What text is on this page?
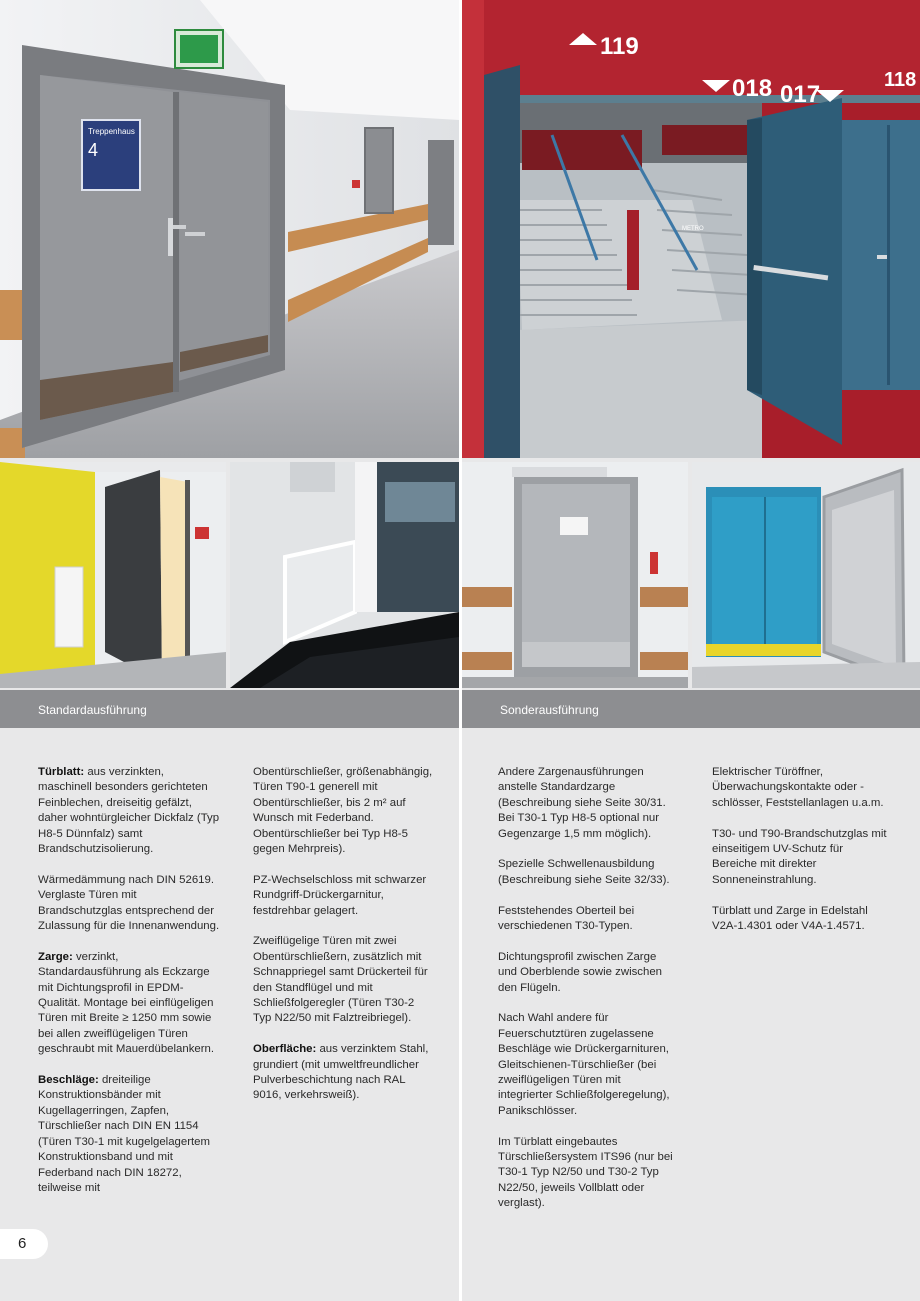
Treppenhaus
4
119
018 017
118
METRO
Standardausführung	Sonderausführung

Türblatt: aus verzinkten, maschinell besonders gerichteten Feinblechen, dreiseitig gefälzt, daher wohntürgleicher Dickfalz (Typ H8-5 Dünnfalz) samt Brandschutzisolierung.

Wärmedämmung nach DIN 52619. Verglaste Türen mit Brandschutzglas entsprechend der Zulassung für die Innenanwendung.

Zarge: verzinkt, Standardausführung als Eckzarge mit Dichtungsprofil in EPDM-Qualität. Montage bei einflügeligen Türen mit Breite ≥ 1250 mm sowie bei allen zweiflügeligen Türen geschraubt mit Mauerdübelankern.

Beschläge: dreiteilige Konstruktionsbänder mit Kugellagerringen, Zapfen, Türschließer nach DIN EN 1154 (Türen T30-1 mit kugelgelagertem Konstruktionsband und mit Federband nach DIN 18272, teilweise mit

Obentürschließer, größenabhängig, Türen T90-1 generell mit Obentürschließer, bis 2 m² auf Wunsch mit Federband. Obentürschließer bei Typ H8-5 gegen Mehrpreis).

PZ-Wechselschloss mit schwarzer Rundgriff-Drückergarnitur, festdrehbar gelagert.

Zweiflügelige Türen mit zwei Obentürschließern, zusätzlich mit Schnappriegel samt Drückerteil für den Standflügel und mit Schließfolgeregler (Türen T30-2 Typ N22/50 mit Falztreibriegel).

Oberfläche: aus verzinktem Stahl, grundiert (mit umweltfreundlicher Pulverbeschichtung nach RAL 9016, verkehrsweiß).

Andere Zargenausführungen anstelle Standardzarge (Beschreibung siehe Seite 30/31. Bei T30-1 Typ H8-5 optional nur Gegenzarge 1,5 mm möglich).

Spezielle Schwellenausbildung (Beschreibung siehe Seite 32/33).

Feststehendes Oberteil bei verschiedenen T30-Typen.

Dichtungsprofil zwischen Zarge und Oberblende sowie zwischen den Flügeln.

Nach Wahl andere für Feuerschutztüren zugelassene Beschläge wie Drückergarnituren, Gleitschienen-Türschließer (bei zweiflügeligen Türen mit integrierter Schließfolgeregelung), Panikschlösser.

Im Türblatt eingebautes Türschließersystem ITS96 (nur bei T30-1 Typ N2/50 und T30-2 Typ N22/50, jeweils Vollblatt oder verglast).

Elektrischer Türöffner, Überwachungskontakte oder -schlösser, Feststellanlagen u.a.m.

T30- und T90-Brandschutzglas mit einseitigem UV-Schutz für Bereiche mit direkter Sonneneinstrahlung.

Türblatt und Zarge in Edelstahl V2A-1.4301 oder V4A-1.4571.

6
